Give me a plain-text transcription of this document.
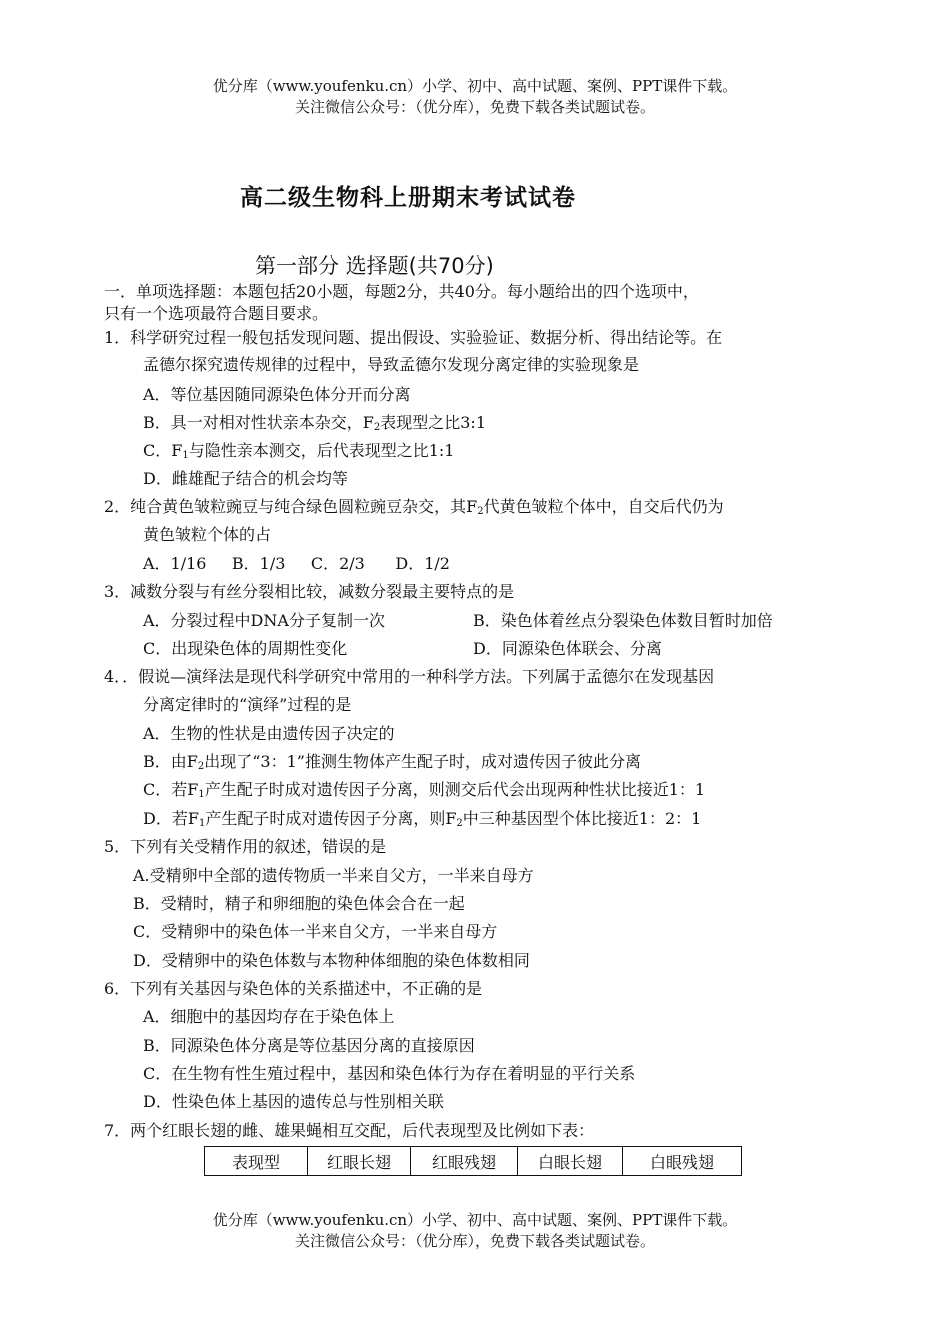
优分库（www.youfenku.cn）小学、初中、高中试题、案例、PPT课件下载。
关注微信公众号：（优分库），免费下载各类试题试卷。
高二级生物科上册期末考试试卷
第一部分 选择题(共70分)
一．单项选择题：本题包括20小题，每题2分，共40分。每小题给出的四个选项中，
只有一个选项最符合题目要求。
1．科学研究过程一般包括发现问题、提出假设、实验验证、数据分析、得出结论等。在
孟德尔探究遗传规律的过程中，导致孟德尔发现分离定律的实验现象是
A．等位基因随同源染色体分开而分离
B．具一对相对性状亲本杂交，$F_2$表现型之比3:1
C．$F_1$与隐性亲本测交，后代表现型之比1:1
D．雌雄配子结合的机会均等
2．纯合黄色皱粒豌豆与纯合绿色圆粒豌豆杂交，其$F_2$代黄色皱粒个体中，自交后代仍为
黄色皱粒个体的占
A．1/16     B．1/3     C．2/3      D．1/2
3．减数分裂与有丝分裂相比较，减数分裂最主要特点的是
A．分裂过程中DNA分子复制一次	B．染色体着丝点分裂染色体数目暂时加倍
C．出现染色体的周期性变化	D．同源染色体联会、分离
4．．假说—演绎法是现代科学研究中常用的一种科学方法。下列属于孟德尔在发现基因
分离定律时的“演绎”过程的是
A．生物的性状是由遗传因子决定的
B．由$F_2$出现了“3：1”推测生物体产生配子时，成对遗传因子彼此分离
C．若$F_1$产生配子时成对遗传因子分离，则测交后代会出现两种性状比接近1：1
D．若$F_1$产生配子时成对遗传因子分离，则$F_2$中三种基因型个体比接近1：2：1
5．下列有关受精作用的叙述，错误的是
A.受精卵中全部的遗传物质一半来自父方，一半来自母方
B．受精时，精子和卵细胞的染色体会合在一起
C．受精卵中的染色体一半来自父方，一半来自母方
D．受精卵中的染色体数与本物种体细胞的染色体数相同
6．下列有关基因与染色体的关系描述中，不正确的是
A．细胞中的基因均存在于染色体上
B．同源染色体分离是等位基因分离的直接原因
C．在生物有性生殖过程中，基因和染色体行为存在着明显的平行关系
D．性染色体上基因的遗传总与性别相关联
7．两个红眼长翅的雌、雄果蝇相互交配，后代表现型及比例如下表：
表现型	红眼长翅	红眼残翅	白眼长翅	白眼残翅
优分库（www.youfenku.cn）小学、初中、高中试题、案例、PPT课件下载。
关注微信公众号：（优分库），免费下载各类试题试卷。
